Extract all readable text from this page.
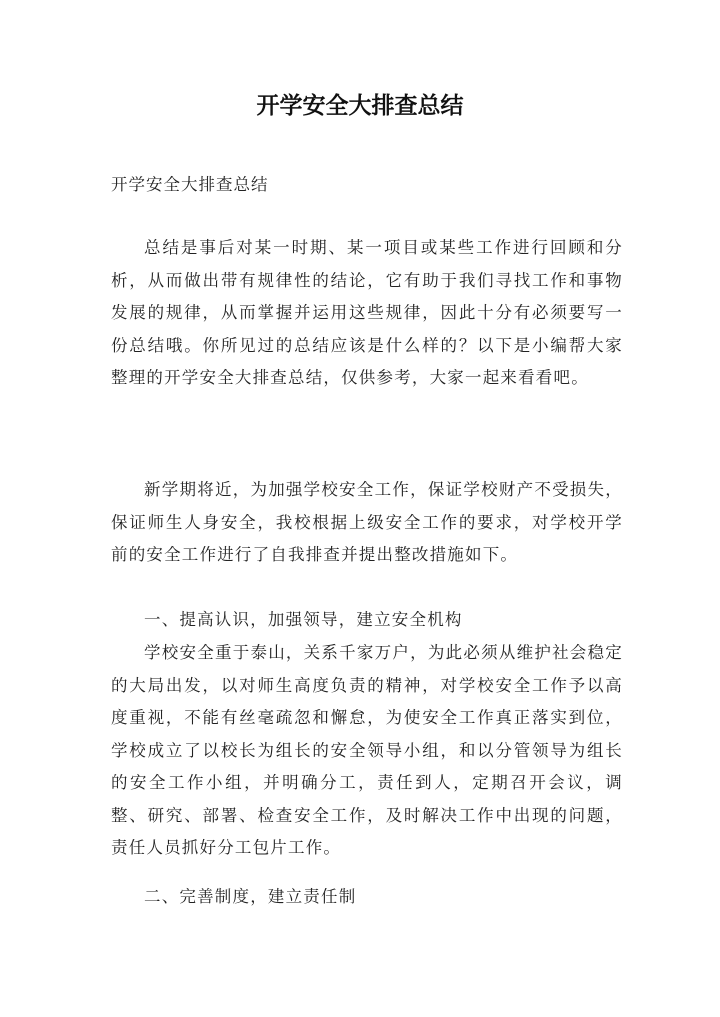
开学安全大排查总结

开学安全大排查总结

总结是事后对某一时期、某一项目或某些工作进行回顾和分析，从而做出带有规律性的结论，它有助于我们寻找工作和事物发展的规律，从而掌握并运用这些规律，因此十分有必须要写一份总结哦。你所见过的总结应该是什么样的？以下是小编帮大家整理的开学安全大排查总结，仅供参考，大家一起来看看吧。

新学期将近，为加强学校安全工作，保证学校财产不受损失，保证师生人身安全，我校根据上级安全工作的要求，对学校开学前的安全工作进行了自我排查并提出整改措施如下。

一、提高认识，加强领导，建立安全机构

学校安全重于泰山，关系千家万户，为此必须从维护社会稳定的大局出发，以对师生高度负责的精神，对学校安全工作予以高度重视，不能有丝毫疏忽和懈怠，为使安全工作真正落实到位，学校成立了以校长为组长的安全领导小组，和以分管领导为组长的安全工作小组，并明确分工，责任到人，定期召开会议，调整、研究、部署、检查安全工作，及时解决工作中出现的问题，责任人员抓好分工包片工作。

二、完善制度，建立责任制
